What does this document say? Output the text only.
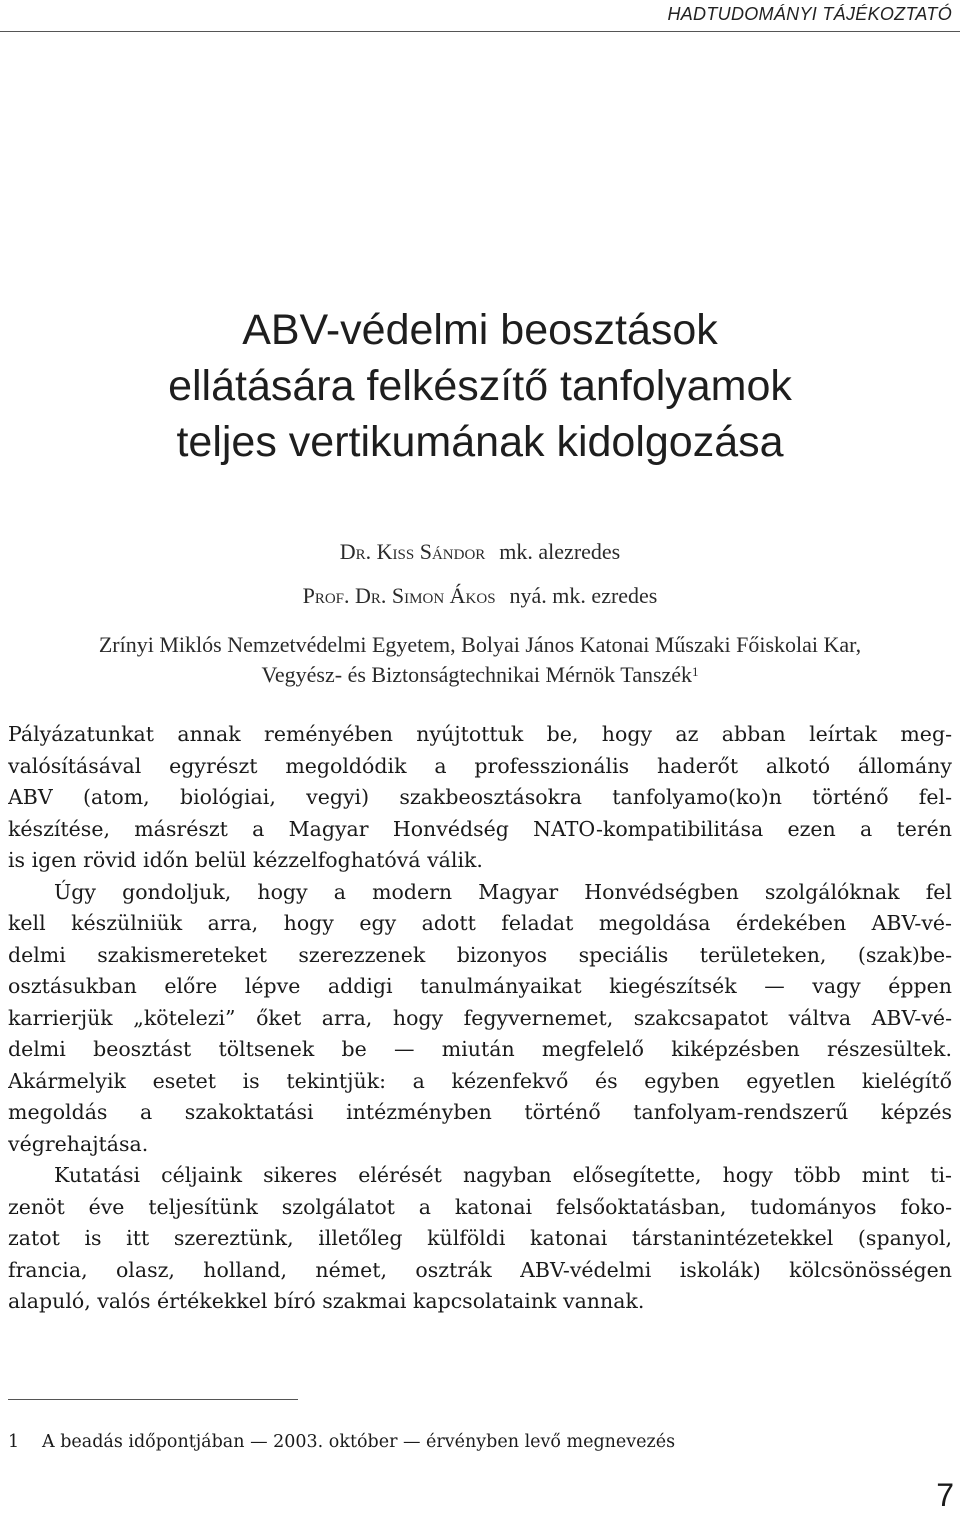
HADTUDOMÁNYI TÁJÉKOZTATÓ
ABV-védelmi beosztások
ellátására felkészítő tanfolyamok
teljes vertikumának kidolgozása
Dr. Kiss Sándor mk. alezredes
Prof. Dr. Simon Ákos nyá. mk. ezredes
Zrínyi Miklós Nemzetvédelmi Egyetem, Bolyai János Katonai Műszaki Főiskolai Kar,
Vegyész- és Biztonságtechnikai Mérnök Tanszék$^1$
Pályázatunkat annak reményében nyújtottuk be, hogy az abban leírtak meg-
valósításával egyrészt megoldódik a professzionális haderőt alkotó állomány
ABV (atom, biológiai, vegyi) szakbeosztásokra tanfolyamo(ko)n történő fel-
készítése, másrészt a Magyar Honvédség NATO-kompatibilitása ezen a terén
is igen rövid időn belül kézzelfoghatóvá válik.
Úgy gondoljuk, hogy a modern Magyar Honvédségben szolgálóknak fel
kell készülniük arra, hogy egy adott feladat megoldása érdekében ABV-vé-
delmi szakismereteket szerezzenek bizonyos speciális területeken, (szak)be-
osztásukban előre lépve addigi tanulmányaikat kiegészítsék — vagy éppen
karrierjük „kötelezi” őket arra, hogy fegyvernemet, szakcsapatot váltva ABV-vé-
delmi beosztást töltsenek be — miután megfelelő kiképzésben részesültek.
Akármelyik esetet is tekintjük: a kézenfekvő és egyben egyetlen kielégítő
megoldás a szakoktatási intézményben történő tanfolyam-rendszerű képzés
végrehajtása.
Kutatási céljaink sikeres elérését nagyban elősegítette, hogy több mint ti-
zenöt éve teljesítünk szolgálatot a katonai felsőoktatásban, tudományos foko-
zatot is itt szereztünk, illetőleg külföldi katonai társtanintézetekkel (spanyol,
francia, olasz, holland, német, osztrák ABV-védelmi iskolák) kölcsönösségen
alapuló, valós értékekkel bíró szakmai kapcsolataink vannak.
1 A beadás időpontjában — 2003. október — érvényben levő megnevezés
7
